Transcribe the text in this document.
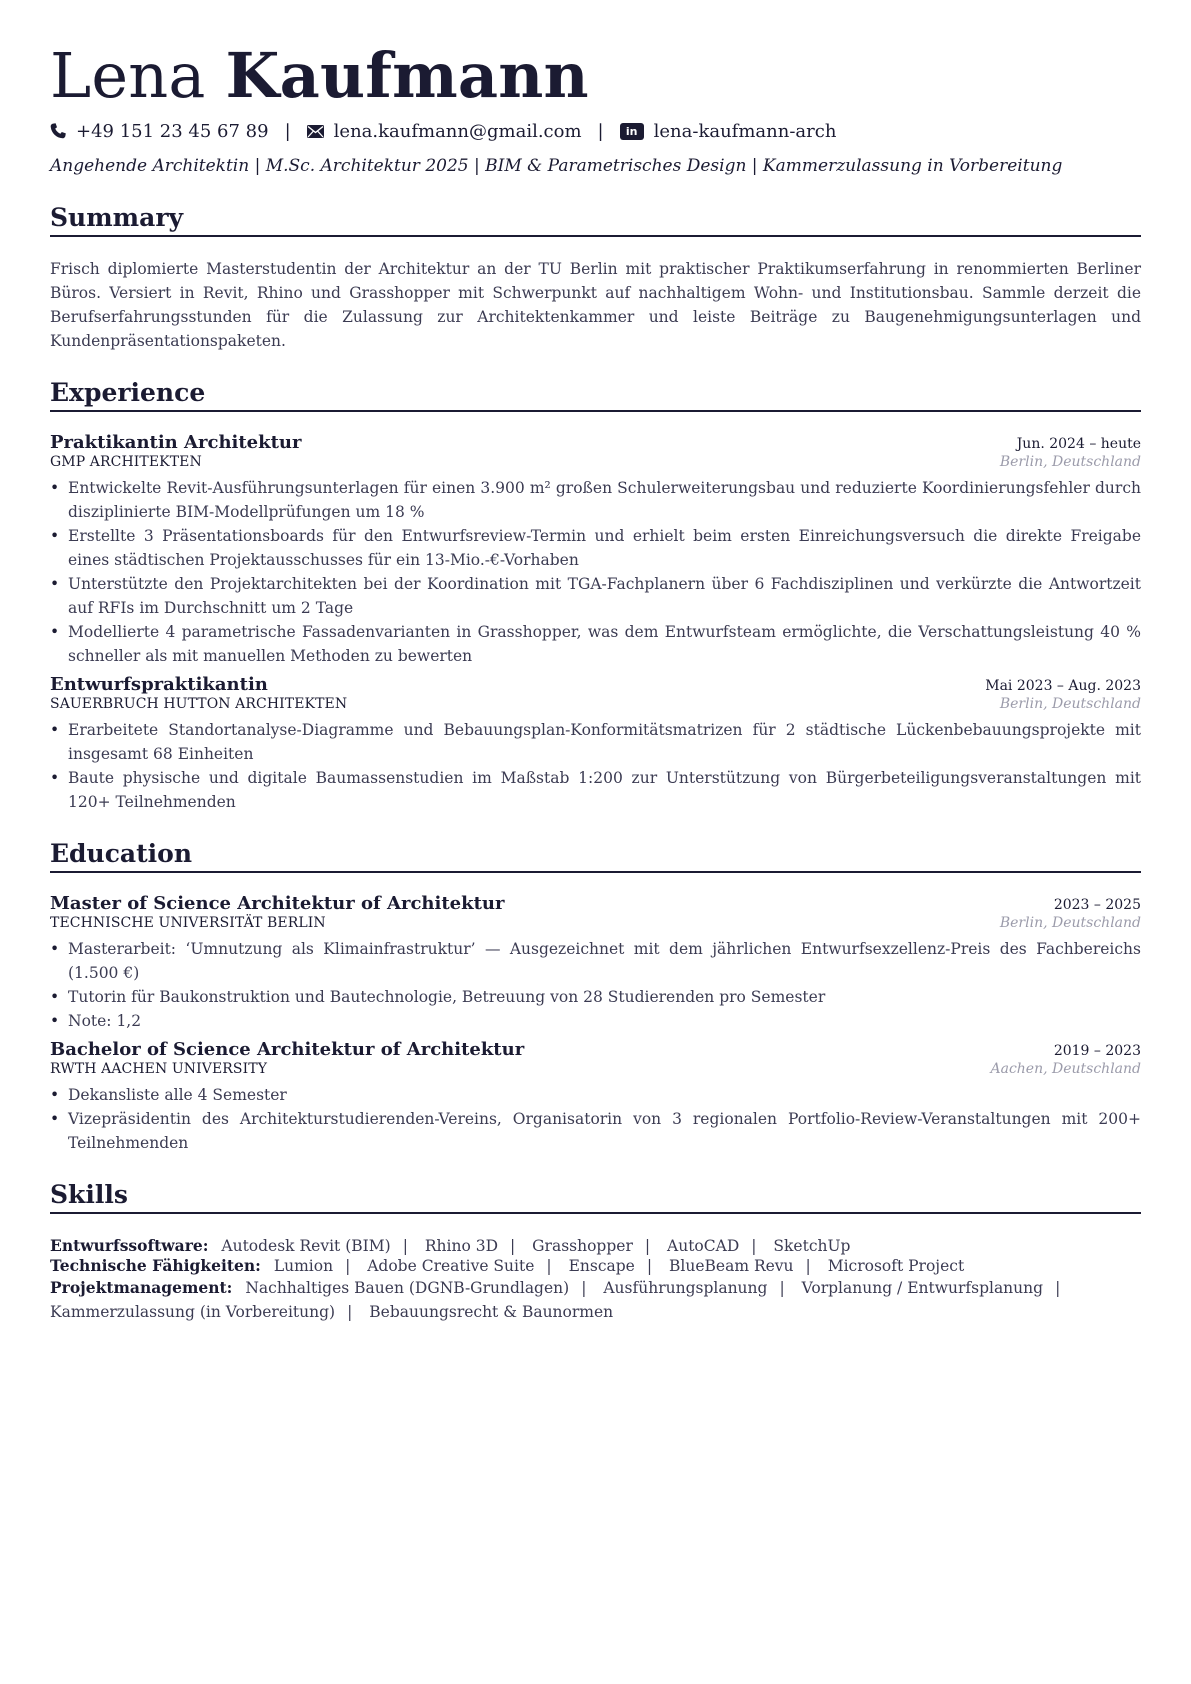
Lena Kaufmann
+49 151 23 45 67 89 | lena.kaufmann@gmail.com |	in lena-kaufmann-arch
Angehende Architektin | M.Sc. Architektur 2025 | BIM & Parametrisches Design | Kammerzulassung in Vorbereitung
Summary

Frisch diplomierte Masterstudentin der Architektur an der TU Berlin mit praktischer Praktikumserfahrung in renommierten Berliner Büros. Versiert in Revit, Rhino und Grasshopper mit Schwerpunkt auf nachhaltigem Wohn- und Institutionsbau. Sammle derzeit die Berufserfahrungsstunden für die Zulassung zur Architektenkammer und leiste Beiträge zu Baugenehmigungsunterlagen und Kundenpräsentationspaketen.

Experience
Praktikantin Architektur	Jun. 2024 – heute
GMP ARCHITEKTEN	Berlin, Deutschland
• Entwickelte Revit-Ausführungsunterlagen für einen 3.900 m² großen Schulerweiterungsbau und reduzierte Koordinierungsfehler durch disziplinierte BIM-Modellprüfungen um 18 %
• Erstellte 3 Präsentationsboards für den Entwurfsreview-Termin und erhielt beim ersten Einreichungsversuch die direkte Freigabe eines städtischen Projektausschusses für ein 13-Mio.-€-Vorhaben
• Unterstützte den Projektarchitekten bei der Koordination mit TGA-Fachplanern über 6 Fachdisziplinen und verkürzte die Antwortzeit auf RFIs im Durchschnitt um 2 Tage
• Modellierte 4 parametrische Fassadenvarianten in Grasshopper, was dem Entwurfsteam ermöglichte, die Verschattungsleistung 40 % schneller als mit manuellen Methoden zu bewerten
Entwurfspraktikantin	Mai 2023 – Aug. 2023
SAUERBRUCH HUTTON ARCHITEKTEN	Berlin, Deutschland
• Erarbeitete Standortanalyse-Diagramme und Bebauungsplan-Konformitätsmatrizen für 2 städtische Lückenbebauungsprojekte mit insgesamt 68 Einheiten
• Baute physische und digitale Baumassenstudien im Maßstab 1:200 zur Unterstützung von Bürgerbeteiligungsveranstaltungen mit 120+ Teilnehmenden
Education
Master of Science Architektur of Architektur	2023 – 2025
TECHNISCHE UNIVERSITÄT BERLIN	Berlin, Deutschland
• Masterarbeit: ‘Umnutzung als Klimainfrastruktur’ — Ausgezeichnet mit dem jährlichen Entwurfsexzellenz-Preis des Fachbereichs (1.500 €)
• Tutorin für Baukonstruktion und Bautechnologie, Betreuung von 28 Studierenden pro Semester
• Note: 1,2
Bachelor of Science Architektur of Architektur	2019 – 2023
RWTH AACHEN UNIVERSITY	Aachen, Deutschland
• Dekansliste alle 4 Semester
• Vizepräsidentin des Architekturstudierenden-Vereins, Organisatorin von 3 regionalen Portfolio-Review-Veranstaltungen mit 200+ Teilnehmenden
Skills
Entwurfssoftware: Autodesk Revit (BIM) | Rhino 3D | Grasshopper | AutoCAD | SketchUp
Technische Fähigkeiten: Lumion | Adobe Creative Suite | Enscape | BlueBeam Revu | Microsoft Project
Projektmanagement: Nachhaltiges Bauen (DGNB-Grundlagen) | Ausführungsplanung | Vorplanung / Entwurfsplanung | Kammerzulassung (in Vorbereitung) | Bebauungsrecht & Baunormen
